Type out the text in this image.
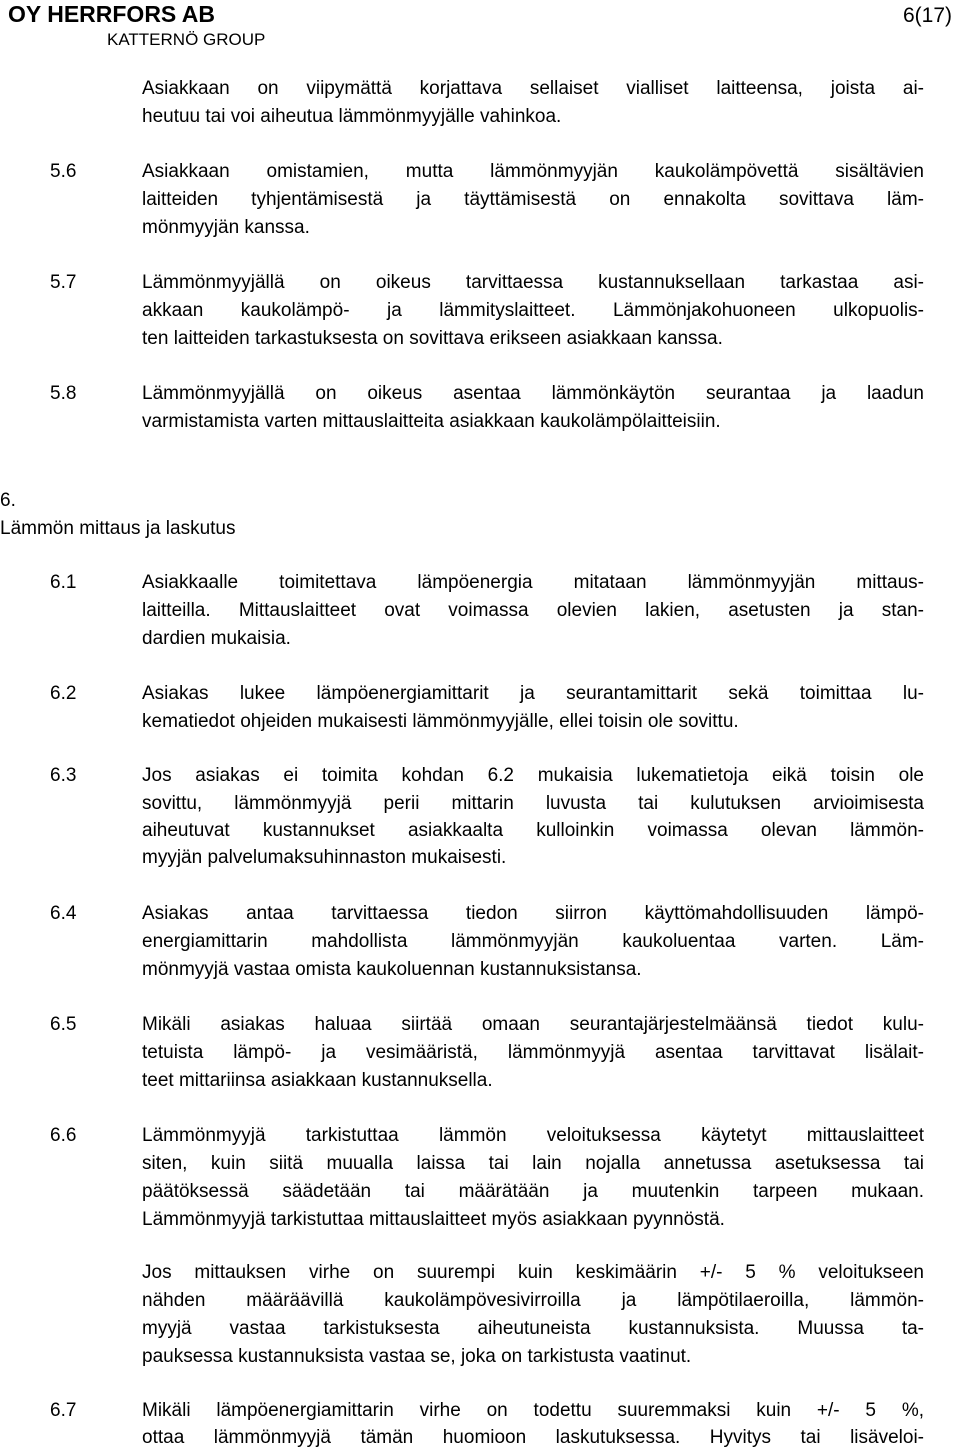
OY HERRFORS AB
KATTERNÖ GROUP
6(17)
Asiakkaan on viipymättä korjattava sellaiset vialliset laitteensa, joista ai-
heutuu tai voi aiheutua lämmönmyyjälle vahinkoa.
5.6	Asiakkaan omistamien, mutta lämmönmyyjän kaukolämpövettä sisältävien
laitteiden tyhjentämisestä ja täyttämisestä on ennakolta sovittava läm-
mönmyyjän kanssa.
5.7	Lämmönmyyjällä on oikeus tarvittaessa kustannuksellaan tarkastaa asi-
akkaan kaukolämpö- ja lämmityslaitteet. Lämmönjakohuoneen ulkopuolis-
ten laitteiden tarkastuksesta on sovittava erikseen asiakkaan kanssa.
5.8	Lämmönmyyjällä on oikeus asentaa lämmönkäytön seurantaa ja laadun
varmistamista varten mittauslaitteita asiakkaan kaukolämpölaitteisiin.
6.
Lämmön mittaus ja laskutus
6.1	Asiakkaalle toimitettava lämpöenergia mitataan lämmönmyyjän mittaus-
laitteilla. Mittauslaitteet ovat voimassa olevien lakien, asetusten ja stan-
dardien mukaisia.
6.2	Asiakas lukee lämpöenergiamittarit ja seurantamittarit sekä toimittaa lu-
kematiedot ohjeiden mukaisesti lämmönmyyjälle, ellei toisin ole sovittu.
6.3	Jos asiakas ei toimita kohdan 6.2 mukaisia lukematietoja eikä toisin ole
sovittu, lämmönmyyjä perii mittarin luvusta tai kulutuksen arvioimisesta
aiheutuvat kustannukset asiakkaalta kulloinkin voimassa olevan lämmön-
myyjän palvelumaksuhinnaston mukaisesti.
6.4	Asiakas antaa tarvittaessa tiedon siirron käyttömahdollisuuden lämpö-
energiamittarin mahdollista lämmönmyyjän kaukoluentaa varten. Läm-
mönmyyjä vastaa omista kaukoluennan kustannuksistansa.
6.5	Mikäli asiakas haluaa siirtää omaan seurantajärjestelmäänsä tiedot kulu-
tetuista lämpö- ja vesimääristä, lämmönmyyjä asentaa tarvittavat lisälait-
teet mittariinsa asiakkaan kustannuksella.
6.6	Lämmönmyyjä tarkistuttaa lämmön veloituksessa käytetyt mittauslaitteet
siten, kuin siitä muualla laissa tai lain nojalla annetussa asetuksessa tai
päätöksessä säädetään tai määrätään ja muutenkin tarpeen mukaan.
Lämmönmyyjä tarkistuttaa mittauslaitteet myös asiakkaan pyynnöstä.
Jos mittauksen virhe on suurempi kuin keskimäärin +/- 5 % veloitukseen
nähden määräävillä kaukolämpövesivirroilla ja lämpötilaeroilla, lämmön-
myyjä vastaa tarkistuksesta aiheutuneista kustannuksista. Muussa ta-
pauksessa kustannuksista vastaa se, joka on tarkistusta vaatinut.
6.7	Mikäli lämpöenergiamittarin virhe on todettu suuremmaksi kuin +/- 5 %,
ottaa lämmönmyyjä tämän huomioon laskutuksessa. Hyvitys tai lisäveloi-
